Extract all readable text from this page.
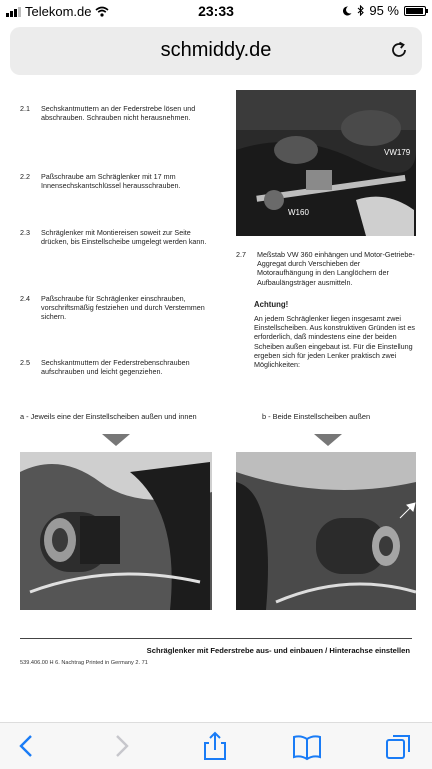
Telekom.de	23:33	95 %
schmiddy.de
2.1	Sechskantmuttern an der Federstrebe lösen und abschrauben. Schrauben nicht herausnehmen.
2.2	Paßschraube am Schräglenker mit 17 mm Innensechskantschlüssel herausschrauben.
2.3	Schräglenker mit Montiereisen soweit zur Seite drücken, bis Einstellscheibe umgelegt werden kann.
2.4	Paßschraube für Schräglenker einschrauben, vorschriftsmäßig festziehen und durch Verstemmen sichern.
2.5	Sechskantmuttern der Federstrebenschrauben aufschrauben und leicht gegenziehen.
VW179
W160
2.7	Meßstab VW 360 einhängen und Motor-Getriebe-Aggregat durch Verschieben der Motoraufhängung in den Langlöchern der Aufbaulängsträger ausmitteln.
Achtung!
An jedem Schräglenker liegen insgesamt zwei Einstellscheiben. Aus konstruktiven Gründen ist es erforderlich, daß mindestens eine der beiden Scheiben außen eingebaut ist. Für die Einstellung ergeben sich für jeden Lenker praktisch zwei Möglichkeiten:
a - Jeweils eine der Einstellscheiben außen und innen	b - Beide Einstellscheiben außen
Schräglenker mit Federstrebe aus- und einbauen / Hinterachse einstellen
539.406.00 H 6. Nachtrag Printed in Germany 2. 71
